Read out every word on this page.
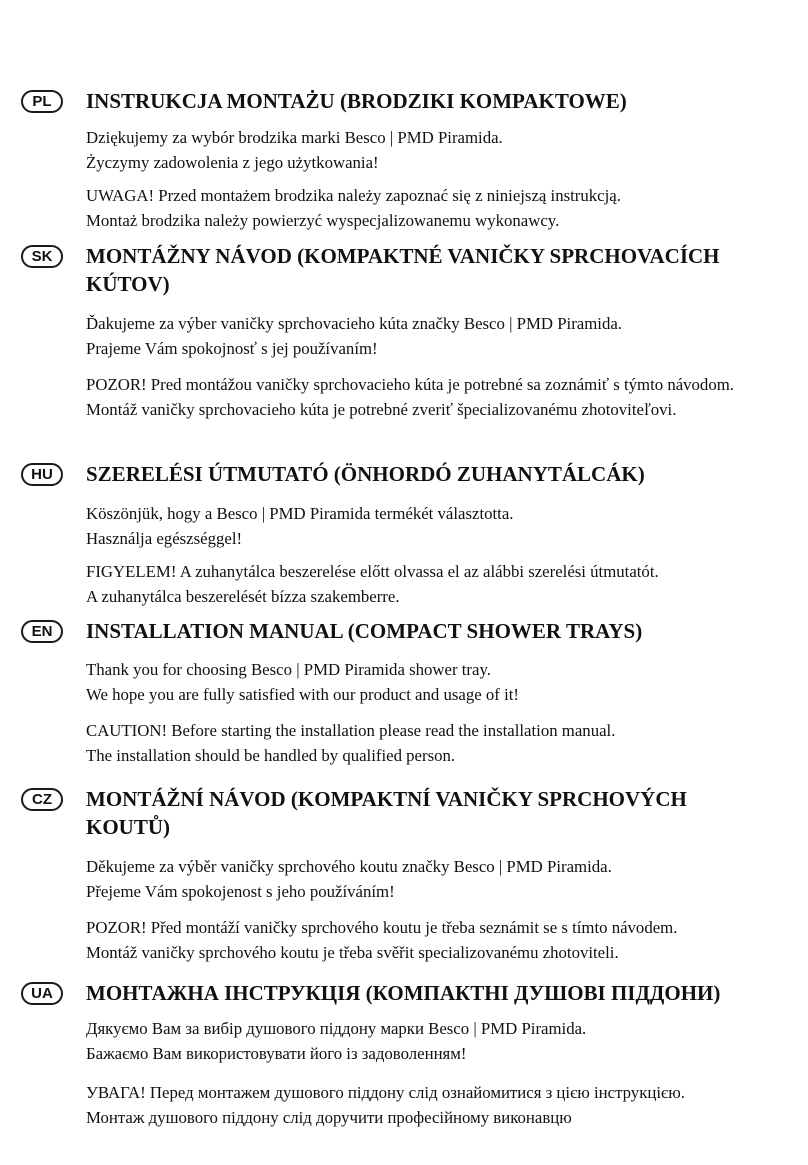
PL	INSTRUKCJA MONTAŻU (BRODZIKI KOMPAKTOWE)

Dziękujemy za wybór brodzika marki Besco | PMD Piramida.
Życzymy zadowolenia z jego użytkowania!

UWAGA! Przed montażem brodzika należy zapoznać się z niniejszą instrukcją.
Montaż brodzika należy powierzyć wyspecjalizowanemu wykonawcy.

SK	MONTÁŽNY NÁVOD (KOMPAKTNÉ VANIČKY SPRCHOVACÍCH KÚTOV)

Ďakujeme za výber vaničky sprchovacieho kúta značky Besco | PMD Piramida.
Prajeme Vám spokojnosť s jej používaním!

POZOR! Pred montážou vaničky sprchovacieho kúta je potrebné sa zoznámiť s týmto návodom.
Montáž vaničky sprchovacieho kúta je potrebné zveriť špecializovanému zhotoviteľovi.

HU	SZERELÉSI ÚTMUTATÓ (ÖNHORDÓ ZUHANYTÁLCÁK)

Köszönjük, hogy a Besco | PMD Piramida termékét választotta.
Használja egészséggel!

FIGYELEM! A zuhanytálca beszerelése előtt olvassa el az alábbi szerelési útmutatót.
A zuhanytálca beszerelését bízza szakemberre.

EN	INSTALLATION MANUAL (COMPACT SHOWER TRAYS)

Thank you for choosing Besco | PMD Piramida shower tray.
We hope you are fully satisfied with our product and usage of it!

CAUTION! Before starting the installation please read the installation manual.
The installation should be handled by qualified person.

CZ	MONTÁŽNÍ NÁVOD (KOMPAKTNÍ VANIČKY SPRCHOVÝCH KOUTŮ)

Děkujeme za výběr vaničky sprchového koutu značky Besco | PMD Piramida.
Přejeme Vám spokojenost s jeho používáním!

POZOR! Před montáží vaničky sprchového koutu je třeba seznámit se s tímto návodem.
Montáž vaničky sprchového koutu je třeba svěřit specializovanému zhotoviteli.

UA	МОНТАЖНА ІНСТРУКЦІЯ (КОМПАКТНІ ДУШОВІ ПІДДОНИ)

Дякуємо Вам за вибір душового піддону марки Besco | PMD Piramida.
Бажаємо Вам використовувати його із задоволенням!

УВАГА! Перед монтажем душового піддону слід ознайомитися з цією інструкцією.
Монтаж душового піддону слід доручити професійному виконавцю
